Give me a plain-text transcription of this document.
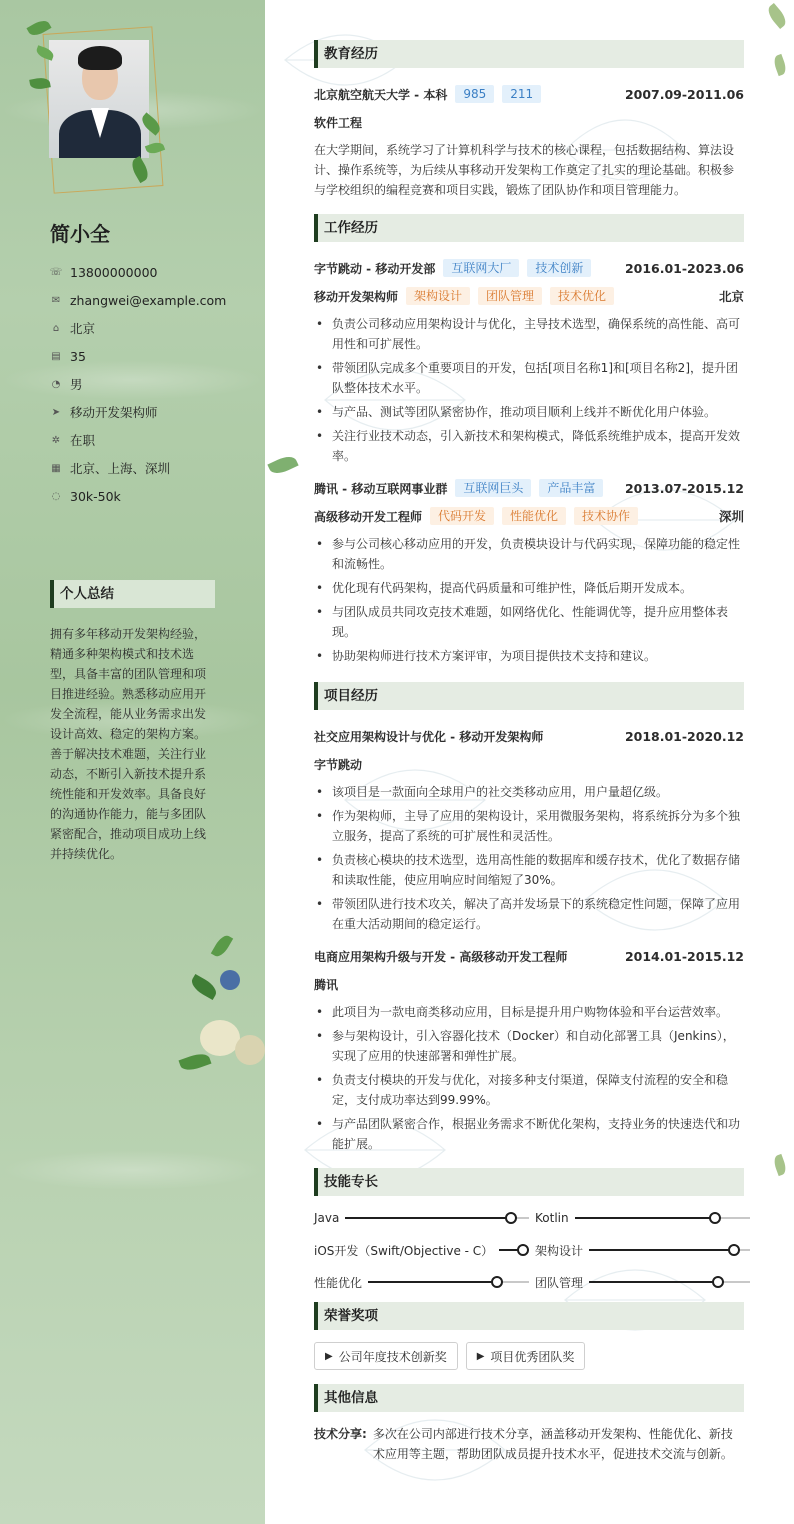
简小全
☏ 13800000000
✉ zhangwei@example.com
⌂ 北京
▤ 35
◔ 男
➤ 移动开发架构师
✲ 在职
▦ 北京、上海、深圳
◌ 30k-50k
个人总结
拥有多年移动开发架构经验，精通多种架构模式和技术选型，具备丰富的团队管理和项目推进经验。熟悉移动应用开发全流程，能从业务需求出发设计高效、稳定的架构方案。善于解决技术难题，关注行业动态，不断引入新技术提升系统性能和开发效率。具备良好的沟通协作能力，能与多团队紧密配合，推动项目成功上线并持续优化。
教育经历
北京航空航天大学 - 本科	985	211	2007.09-2011.06
软件工程
在大学期间，系统学习了计算机科学与技术的核心课程，包括数据结构、算法设计、操作系统等，为后续从事移动开发架构工作奠定了扎实的理论基础。积极参与学校组织的编程竞赛和项目实践，锻炼了团队协作和项目管理能力。
工作经历
字节跳动 - 移动开发部	互联网大厂	技术创新	2016.01-2023.06
移动开发架构师	架构设计	团队管理	技术优化	北京
• 负责公司移动应用架构设计与优化，主导技术选型，确保系统的高性能、高可用性和可扩展性。
• 带领团队完成多个重要项目的开发，包括[项目名称1]和[项目名称2]，提升团队整体技术水平。
• 与产品、测试等团队紧密协作，推动项目顺利上线并不断优化用户体验。
• 关注行业技术动态，引入新技术和架构模式，降低系统维护成本，提高开发效率。
腾讯 - 移动互联网事业群	互联网巨头	产品丰富	2013.07-2015.12
高级移动开发工程师	代码开发	性能优化	技术协作	深圳
• 参与公司核心移动应用的开发，负责模块设计与代码实现，保障功能的稳定性和流畅性。
• 优化现有代码架构，提高代码质量和可维护性，降低后期开发成本。
• 与团队成员共同攻克技术难题，如网络优化、性能调优等，提升应用整体表现。
• 协助架构师进行技术方案评审，为项目提供技术支持和建议。
项目经历
社交应用架构设计与优化 - 移动开发架构师	2018.01-2020.12
字节跳动
• 该项目是一款面向全球用户的社交类移动应用，用户量超亿级。
• 作为架构师，主导了应用的架构设计，采用微服务架构，将系统拆分为多个独立服务，提高了系统的可扩展性和灵活性。
• 负责核心模块的技术选型，选用高性能的数据库和缓存技术，优化了数据存储和读取性能，使应用响应时间缩短了30%。
• 带领团队进行技术攻关，解决了高并发场景下的系统稳定性问题，保障了应用在重大活动期间的稳定运行。
电商应用架构升级与开发 - 高级移动开发工程师	2014.01-2015.12
腾讯
• 此项目为一款电商类移动应用，目标是提升用户购物体验和平台运营效率。
• 参与架构设计，引入容器化技术（Docker）和自动化部署工具（Jenkins），实现了应用的快速部署和弹性扩展。
• 负责支付模块的开发与优化，对接多种支付渠道，保障支付流程的安全和稳定，支付成功率达到99.99%。
• 与产品团队紧密合作，根据业务需求不断优化架构，支持业务的快速迭代和功能扩展。
技能专长
Java	Kotlin
iOS开发（Swift/Objective - C）	架构设计
性能优化	团队管理
荣誉奖项
▶ 公司年度技术创新奖	▶ 项目优秀团队奖
其他信息
技术分享: 多次在公司内部进行技术分享，涵盖移动开发架构、性能优化、新技术应用等主题，帮助团队成员提升技术水平，促进技术交流与创新。
